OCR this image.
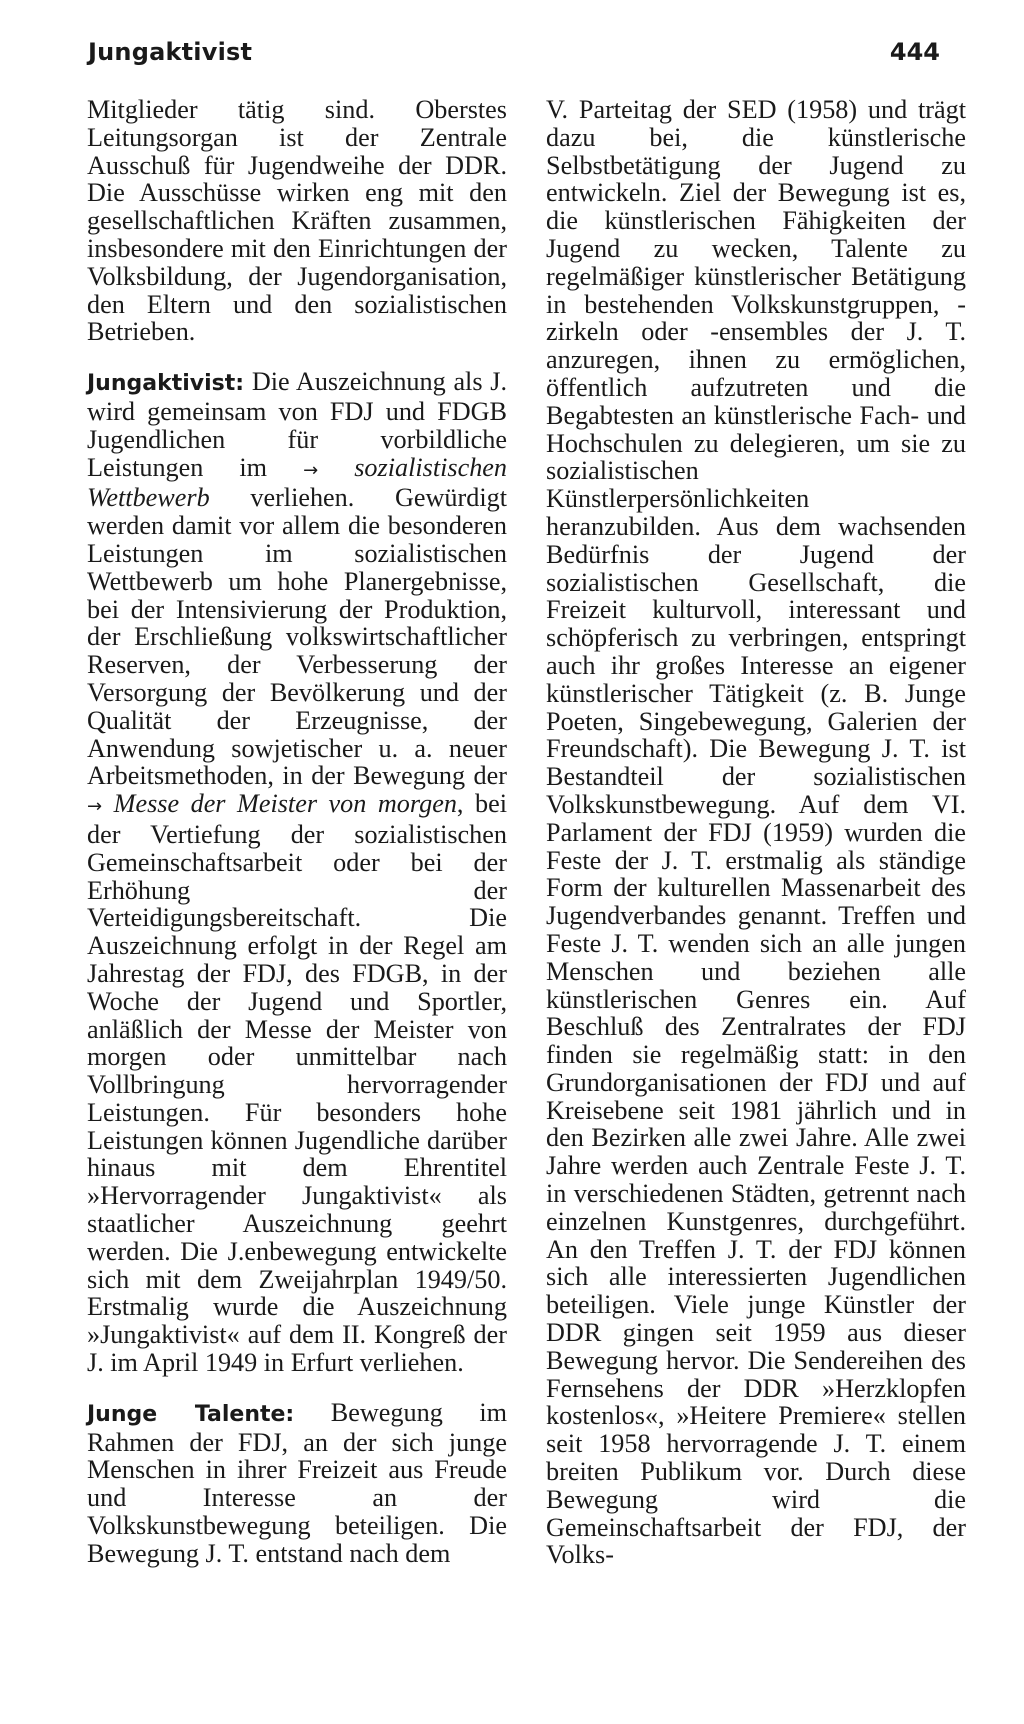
Jungaktivist	444

Mitglieder tätig sind. Oberstes Leitungsorgan ist der Zentrale Ausschuß für Jugendweihe der DDR. Die Ausschüsse wirken eng mit den gesellschaftlichen Kräften zusammen, insbesondere mit den Einrichtungen der Volksbildung, der Jugendorganisation, den Eltern und den sozialistischen Betrieben.

Jungaktivist: Die Auszeichnung als J. wird gemeinsam von FDJ und FDGB Jugendlichen für vorbildliche Leistungen im → sozialistischen Wettbewerb verliehen. Gewürdigt werden damit vor allem die besonderen Leistungen im sozialistischen Wettbewerb um hohe Planergebnisse, bei der Intensivierung der Produktion, der Erschließung volkswirtschaftlicher Reserven, der Verbesserung der Versorgung der Bevölkerung und der Qualität der Erzeugnisse, der Anwendung sowjetischer u. a. neuer Arbeitsmethoden, in der Bewegung der → Messe der Meister von morgen, bei der Vertiefung der sozialistischen Gemeinschaftsarbeit oder bei der Erhöhung der Verteidigungsbereitschaft. Die Auszeichnung erfolgt in der Regel am Jahrestag der FDJ, des FDGB, in der Woche der Jugend und Sportler, anläßlich der Messe der Meister von morgen oder unmittelbar nach Vollbringung hervorragender Leistungen. Für besonders hohe Leistungen können Jugendliche darüber hinaus mit dem Ehrentitel »Hervorragender Jungaktivist« als staatlicher Auszeichnung geehrt werden. Die J.enbewegung entwickelte sich mit dem Zweijahrplan 1949/50. Erstmalig wurde die Auszeichnung »Jungaktivist« auf dem II. Kongreß der J. im April 1949 in Erfurt verliehen.

Junge Talente: Bewegung im Rahmen der FDJ, an der sich junge Menschen in ihrer Freizeit aus Freude und Interesse an der Volkskunstbewegung beteiligen. Die Bewegung J. T. entstand nach dem

V. Parteitag der SED (1958) und trägt dazu bei, die künstlerische Selbstbetätigung der Jugend zu entwickeln. Ziel der Bewegung ist es, die künstlerischen Fähigkeiten der Jugend zu wecken, Talente zu regelmäßiger künstlerischer Betätigung in bestehenden Volkskunstgruppen, -zirkeln oder -ensembles der J. T. anzuregen, ihnen zu ermöglichen, öffentlich aufzutreten und die Begabtesten an künstlerische Fach- und Hochschulen zu delegieren, um sie zu sozialistischen Künstlerpersönlichkeiten heranzubilden. Aus dem wachsenden Bedürfnis der Jugend der sozialistischen Gesellschaft, die Freizeit kulturvoll, interessant und schöpferisch zu verbringen, entspringt auch ihr großes Interesse an eigener künstlerischer Tätigkeit (z. B. Junge Poeten, Singebewegung, Galerien der Freundschaft). Die Bewegung J. T. ist Bestandteil der sozialistischen Volkskunstbewegung. Auf dem VI. Parlament der FDJ (1959) wurden die Feste der J. T. erstmalig als ständige Form der kulturellen Massenarbeit des Jugendverbandes genannt. Treffen und Feste J. T. wenden sich an alle jungen Menschen und beziehen alle künstlerischen Genres ein. Auf Beschluß des Zentralrates der FDJ finden sie regelmäßig statt: in den Grundorganisationen der FDJ und auf Kreisebene seit 1981 jährlich und in den Bezirken alle zwei Jahre. Alle zwei Jahre werden auch Zentrale Feste J. T. in verschiedenen Städten, getrennt nach einzelnen Kunstgenres, durchgeführt. An den Treffen J. T. der FDJ können sich alle interessierten Jugendlichen beteiligen. Viele junge Künstler der DDR gingen seit 1959 aus dieser Bewegung hervor. Die Sendereihen des Fernsehens der DDR »Herzklopfen kostenlos«, »Heitere Premiere« stellen seit 1958 hervorragende J. T. einem breiten Publikum vor. Durch diese Bewegung wird die Gemeinschaftsarbeit der FDJ, der Volks-
